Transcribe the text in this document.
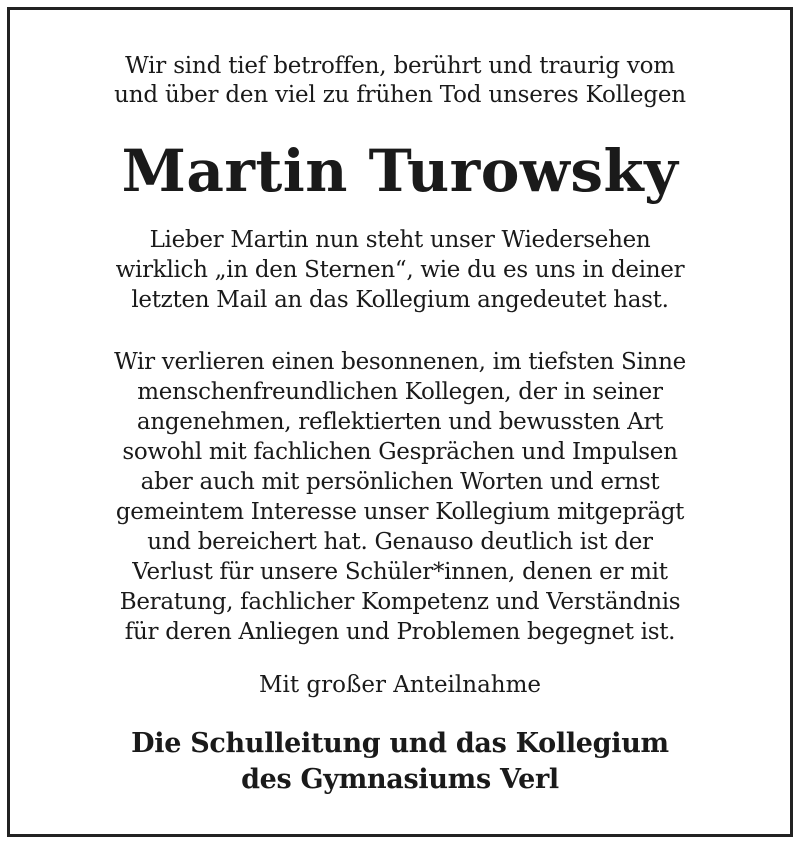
Wir sind tief betroffen, berührt und traurig vom
und über den viel zu frühen Tod unseres Kollegen
Martin Turowsky
Lieber Martin nun steht unser Wiedersehen
wirklich „in den Sternen“, wie du es uns in deiner
letzten Mail an das Kollegium angedeutet hast.
Wir verlieren einen besonnenen, im tiefsten Sinne
menschenfreundlichen Kollegen, der in seiner
angenehmen, reflektierten und bewussten Art
sowohl mit fachlichen Gesprächen und Impulsen
aber auch mit persönlichen Worten und ernst
gemeintem Interesse unser Kollegium mitgeprägt
und bereichert hat. Genauso deutlich ist der
Verlust für unsere Schüler*innen, denen er mit
Beratung, fachlicher Kompetenz und Verständnis
für deren Anliegen und Problemen begegnet ist.
Mit großer Anteilnahme
Die Schulleitung und das Kollegium
des Gymnasiums Verl
